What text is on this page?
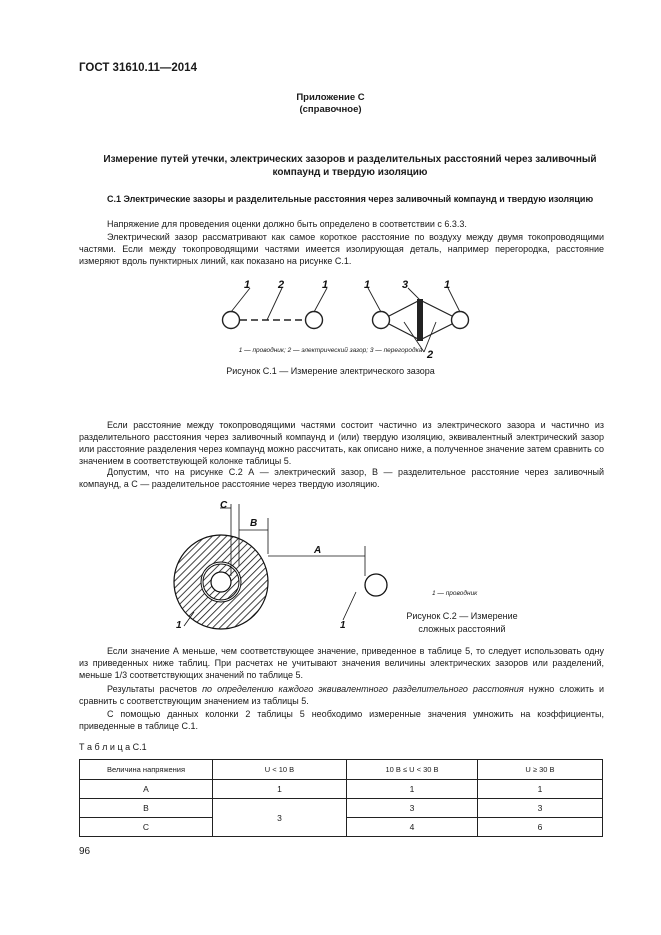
ГОСТ 31610.11—2014
Приложение С
(справочное)
Измерение путей утечки, электрических зазоров и разделительных расстояний через заливочный компаунд и твердую изоляцию
С.1 Электрические зазоры и разделительные расстояния через заливочный компаунд и твердую изоляцию
Напряжение для проведения оценки должно быть определено в соответствии с 6.3.3.
Электрический зазор рассматривают как самое короткое расстояние по воздуху между двумя токопроводящими частями. Если между токопроводящими частями имеется изолирующая деталь, например перегородка, расстояние измеряют вдоль пунктирных линий, как показано на рисунке С.1.
1	2	1	1	3	1
2
1 — проводник; 2 — электрический зазор; 3 — перегородка
Рисунок С.1 — Измерение электрического зазора
Если расстояние между токопроводящими частями состоит частично из электрического зазора и частично из разделительного расстояния через заливочный компаунд и (или) твердую изоляцию, эквивалентный электрический зазор или расстояние разделения через компаунд можно рассчитать, как описано ниже, а полученное значение затем сравнить со значением в соответствующей колонке таблицы 5.
Допустим, что на рисунке С.2 А — электрический зазор, В — разделительное расстояние через заливочный компаунд, а С — разделительное расстояние через твердую изоляцию.
С
В
А
1	1
1 — проводник
Рисунок С.2 — Измерение
сложных расстояний
Если значение А меньше, чем соответствующее значение, приведенное в таблице 5, то следует использовать одну из приведенных ниже таблиц. При расчетах не учитывают значения величины электрических зазоров или разделений, меньше 1/3 соответствующих значений по таблице 5.
Результаты расчетов по определению каждого эквивалентного разделительного расстояния нужно сложить и сравнить с соответствующим значением из таблицы 5.
С помощью данных колонки 2 таблицы 5 необходимо измеренные значения умножить на коэффициенты, приведенные в таблице С.1.
Т а б л и ц а С.1
Величина напряжения	U < 10 В	10 В ≤ U < 30 В	U ≥ 30 В
А	1	1	1
В	3	3	3
С		4	6
96
